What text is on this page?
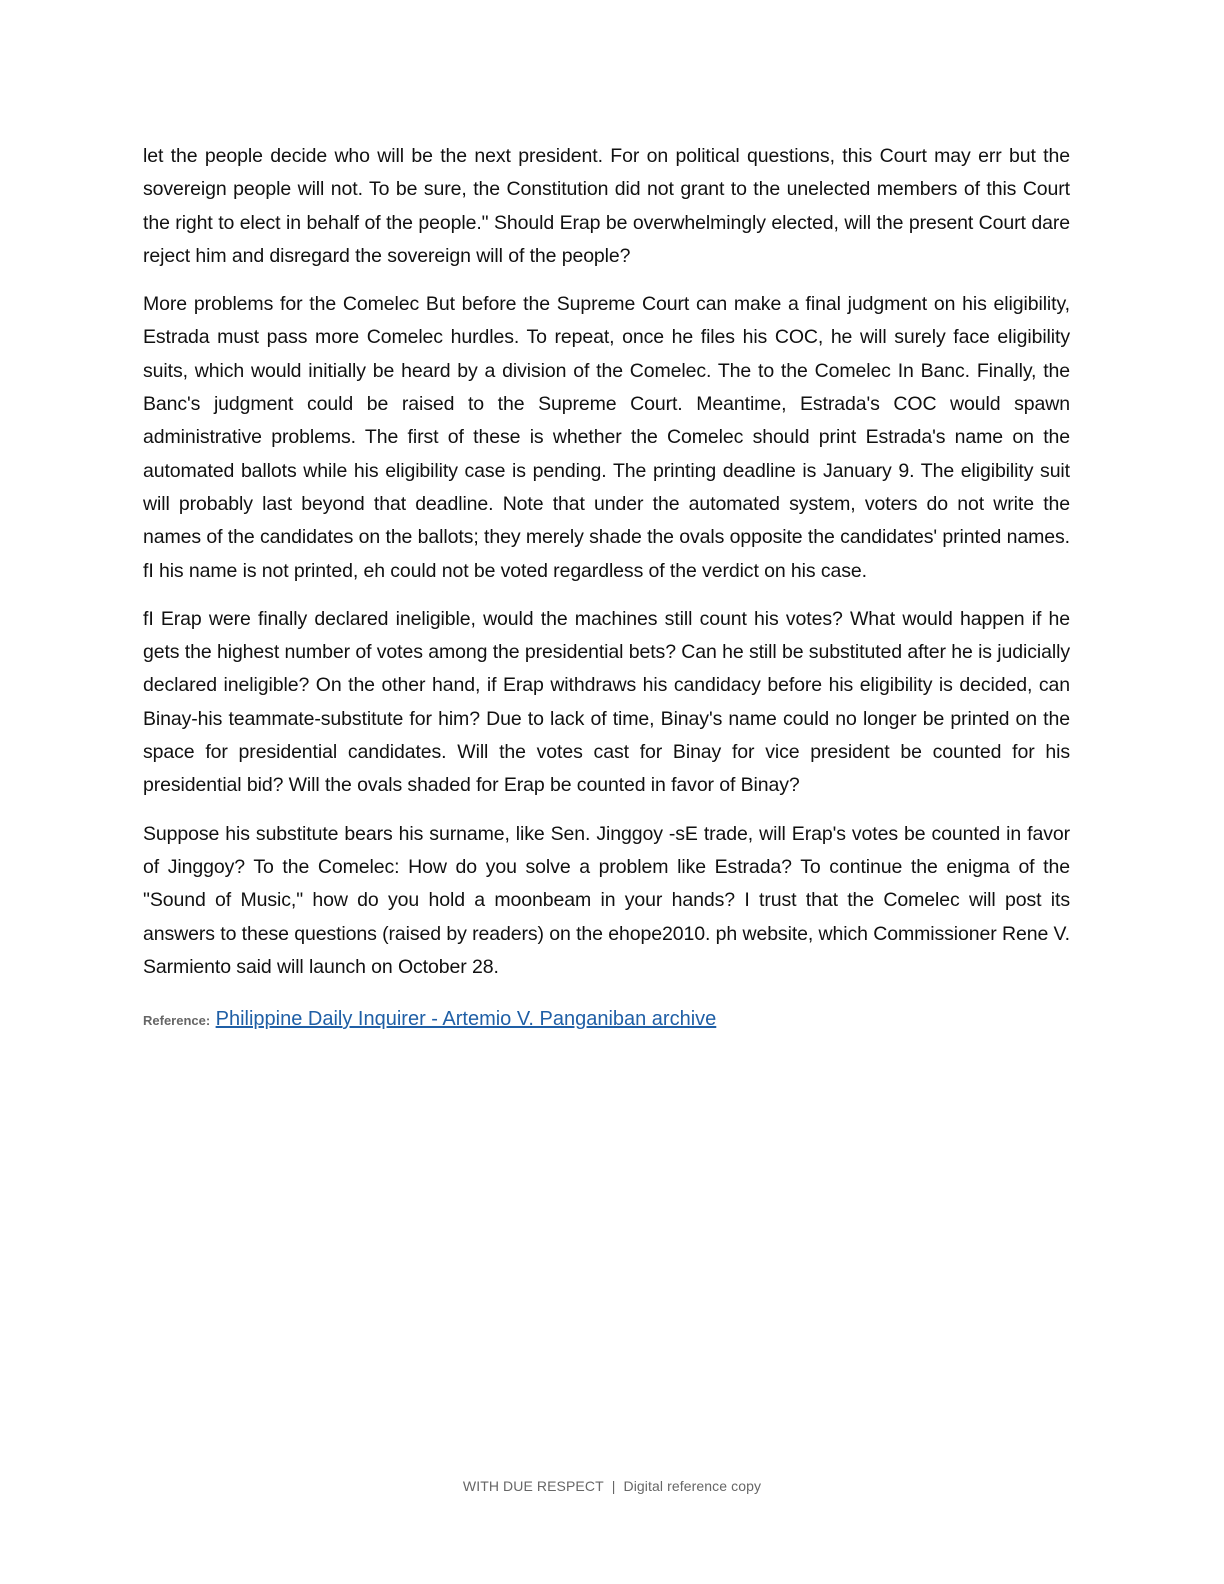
let the people decide who will be the next president. For on political questions, this Court may err but the sovereign people will not. To be sure, the Constitution did not grant to the unelected members of this Court the right to elect in behalf of the people." Should Erap be overwhelmingly elected, will the present Court dare reject him and disregard the sovereign will of the people?

More problems for the Comelec But before the Supreme Court can make a final judgment on his eligibility, Estrada must pass more Comelec hurdles. To repeat, once he files his COC, he will surely face eligibility suits, which would initially be heard by a division of the Comelec. The to the Comelec In Banc. Finally, the Banc's judgment could be raised to the Supreme Court. Meantime, Estrada's COC would spawn administrative problems. The first of these is whether the Comelec should print Estrada's name on the automated ballots while his eligibility case is pending. The printing deadline is January 9. The eligibility suit will probably last beyond that deadline. Note that under the automated system, voters do not write the names of the candidates on the ballots; they merely shade the ovals opposite the candidates' printed names. fI his name is not printed, eh could not be voted regardless of the verdict on his case.

fI Erap were finally declared ineligible, would the machines still count his votes? What would happen if he gets the highest number of votes among the presidential bets? Can he still be substituted after he is judicially declared ineligible? On the other hand, if Erap withdraws his candidacy before his eligibility is decided, can Binay-his teammate-substitute for him? Due to lack of time, Binay's name could no longer be printed on the space for presidential candidates. Will the votes cast for Binay for vice president be counted for his presidential bid? Will the ovals shaded for Erap be counted in favor of Binay?

Suppose his substitute bears his surname, like Sen. Jinggoy -sE trade, will Erap's votes be counted in favor of Jinggoy? To the Comelec: How do you solve a problem like Estrada? To continue the enigma of the "Sound of Music," how do you hold a moonbeam in your hands? I trust that the Comelec will post its answers to these questions (raised by readers) on the ehope2010. ph website, which Commissioner Rene V. Sarmiento said will launch on October 28.

Reference: Philippine Daily Inquirer - Artemio V. Panganiban archive
WITH DUE RESPECT | Digital reference copy
